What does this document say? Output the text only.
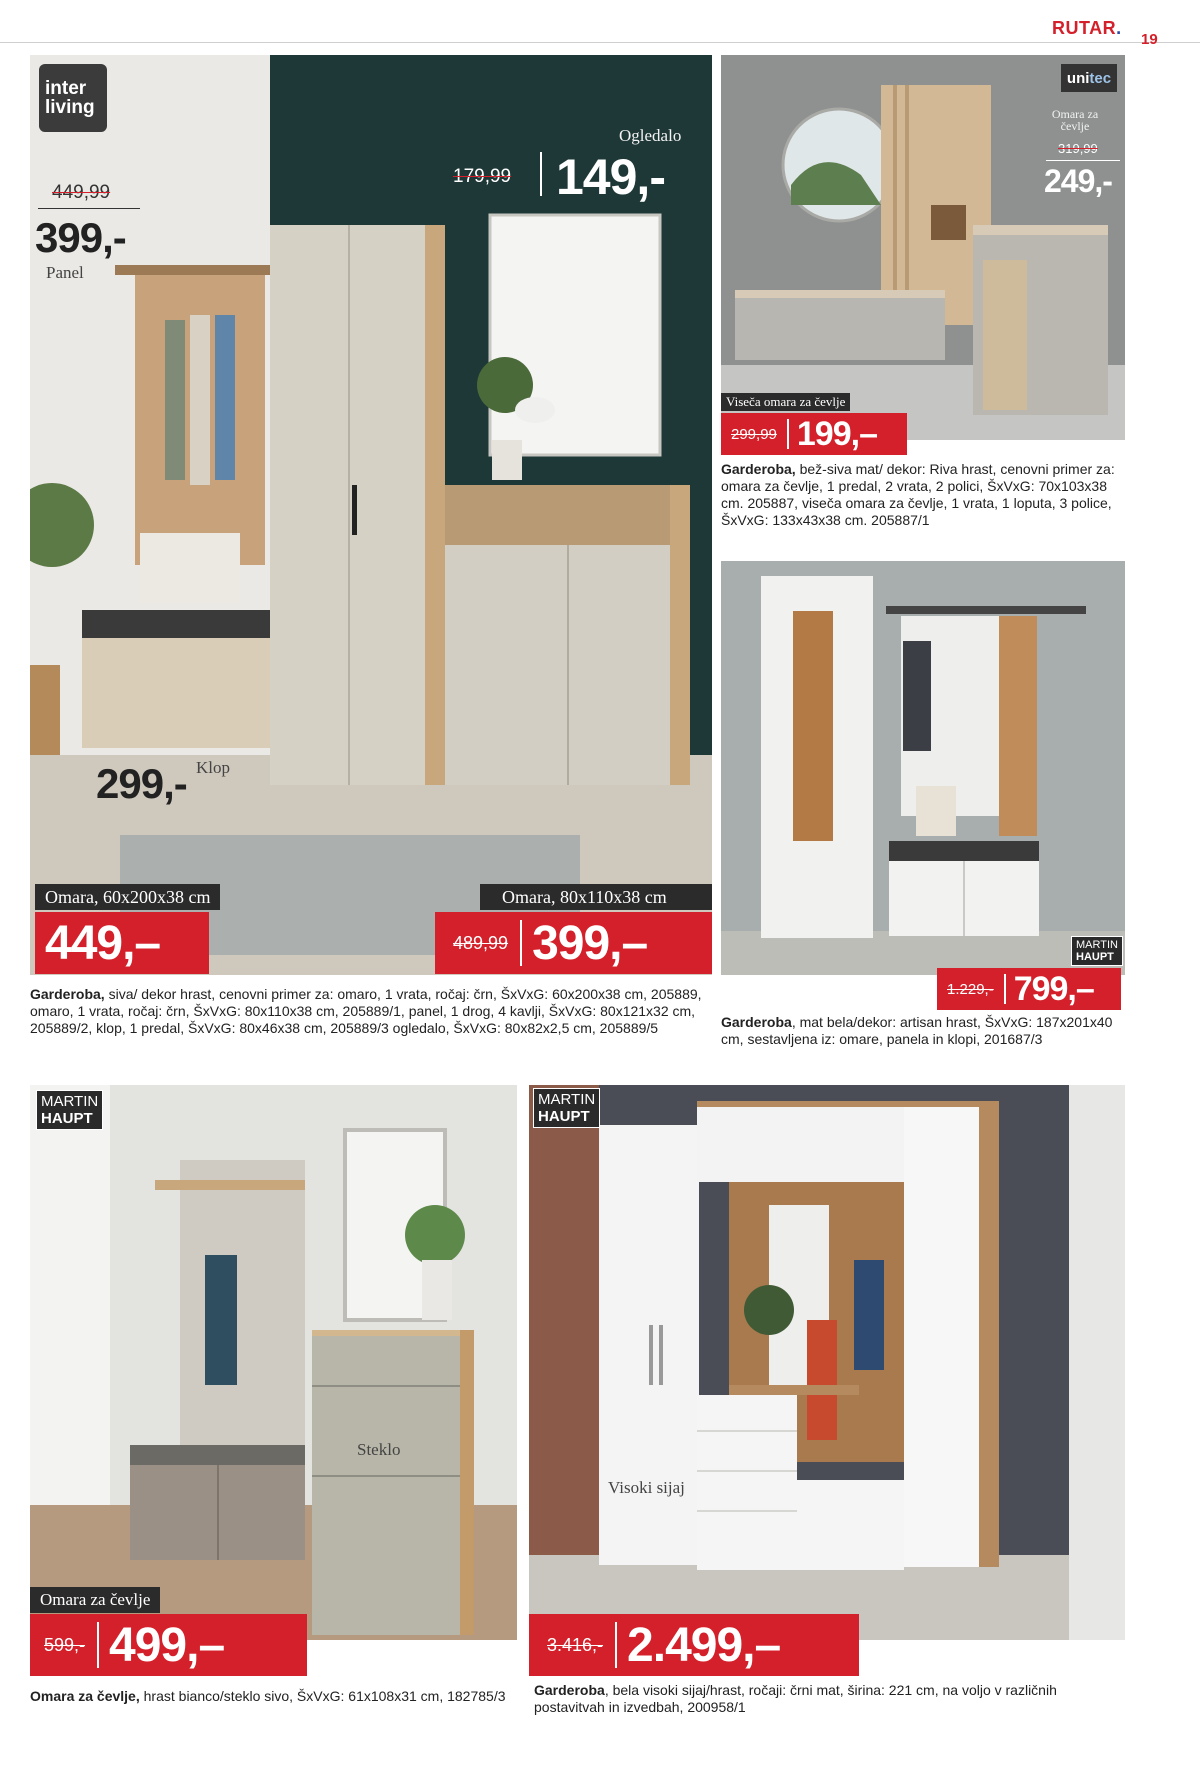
RUTAR.
19
inter
living
449,99
399,-
Panel
Ogledalo
179,99 149,-
299,- Klop
Omara, 60x200x38 cm
449,–
Omara, 80x110x38 cm
489,99 399,–
Garderoba, siva/ dekor hrast, cenovni primer za: omaro, 1 vrata, ročaj: črn, ŠxVxG: 60x200x38 cm, 205889, omaro, 1 vrata, ročaj: črn, ŠxVxG: 80x110x38 cm, 205889/1, panel, 1 drog, 4 kavlji, ŠxVxG: 80x121x32 cm, 205889/2, klop, 1 predal, ŠxVxG: 80x46x38 cm, 205889/3 ogledalo, ŠxVxG: 80x82x2,5 cm, 205889/5
uni tec
Omara za čevlje
319,99
249,-
Viseča omara za čevlje
299,99 199,–
Garderoba, bež-siva mat/ dekor: Riva hrast, cenovni primer za: omara za čevlje, 1 predal, 2 vrata, 2 polici, ŠxVxG: 70x103x38 cm. 205887, viseča omara za čevlje, 1 vrata, 1 loputa, 3 police, ŠxVxG: 133x43x38 cm. 205887/1
MARTIN
HAUPT
1.229,- 799,–
Garderoba, mat bela/dekor: artisan hrast, ŠxVxG: 187x201x40 cm, sestavljena iz: omare, panela in klopi, 201687/3
MARTIN
HAUPT
Steklo
Omara za čevlje
599,- 499,–
Omara za čevlje, hrast bianco/steklo sivo, ŠxVxG: 61x108x31 cm, 182785/3
MARTIN
HAUPT
Visoki sijaj
3.416,- 2.499,–
Garderoba, bela visoki sijaj/hrast, ročaji: črni mat, širina: 221 cm, na voljo v različnih postavitvah in izvedbah, 200958/1
